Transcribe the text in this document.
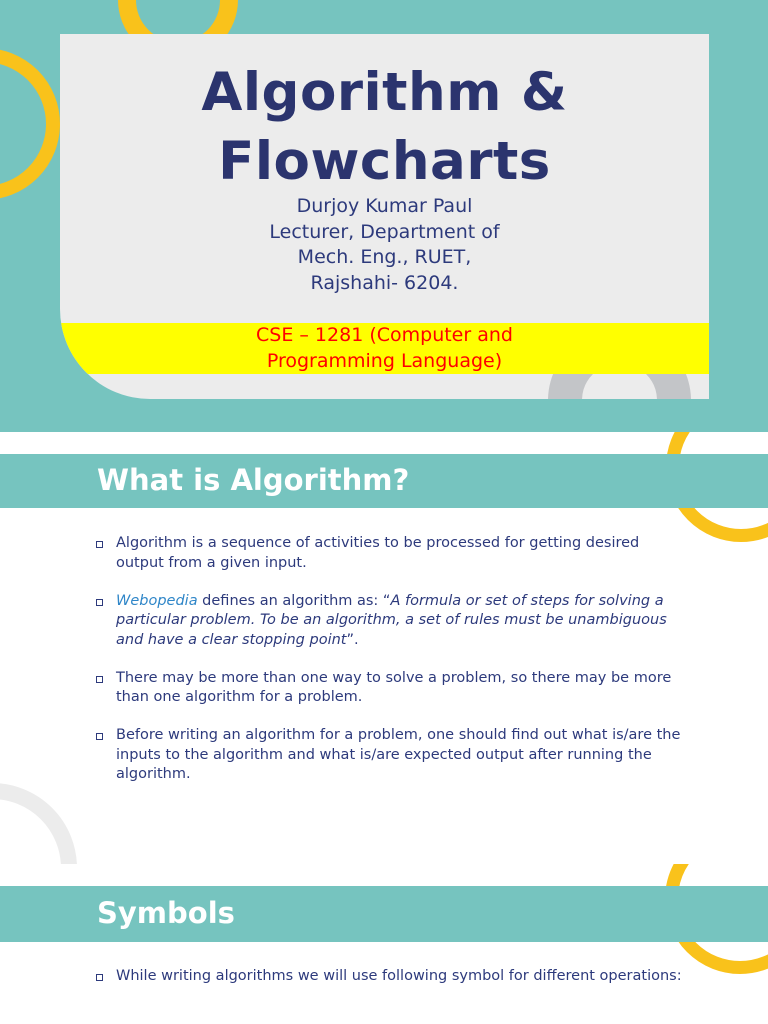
Algorithm &
Flowcharts
Durjoy Kumar Paul
Lecturer, Department of
Mech. Eng., RUET,
Rajshahi- 6204.
CSE – 1281 (Computer and
Programming Language)
What is Algorithm?
Algorithm is a sequence of activities to be processed for getting desired output from a given input.
Webopedia defines an algorithm as: “A formula or set of steps for solving a particular problem. To be an algorithm, a set of rules must be unambiguous and have a clear stopping point”.
There may be more than one way to solve a problem, so there may be more than one algorithm for a problem.
Before writing an algorithm for a problem, one should find out what is/are the inputs to the algorithm and what is/are expected output after running the algorithm.
Symbols
While writing algorithms we will use following symbol for different operations:
